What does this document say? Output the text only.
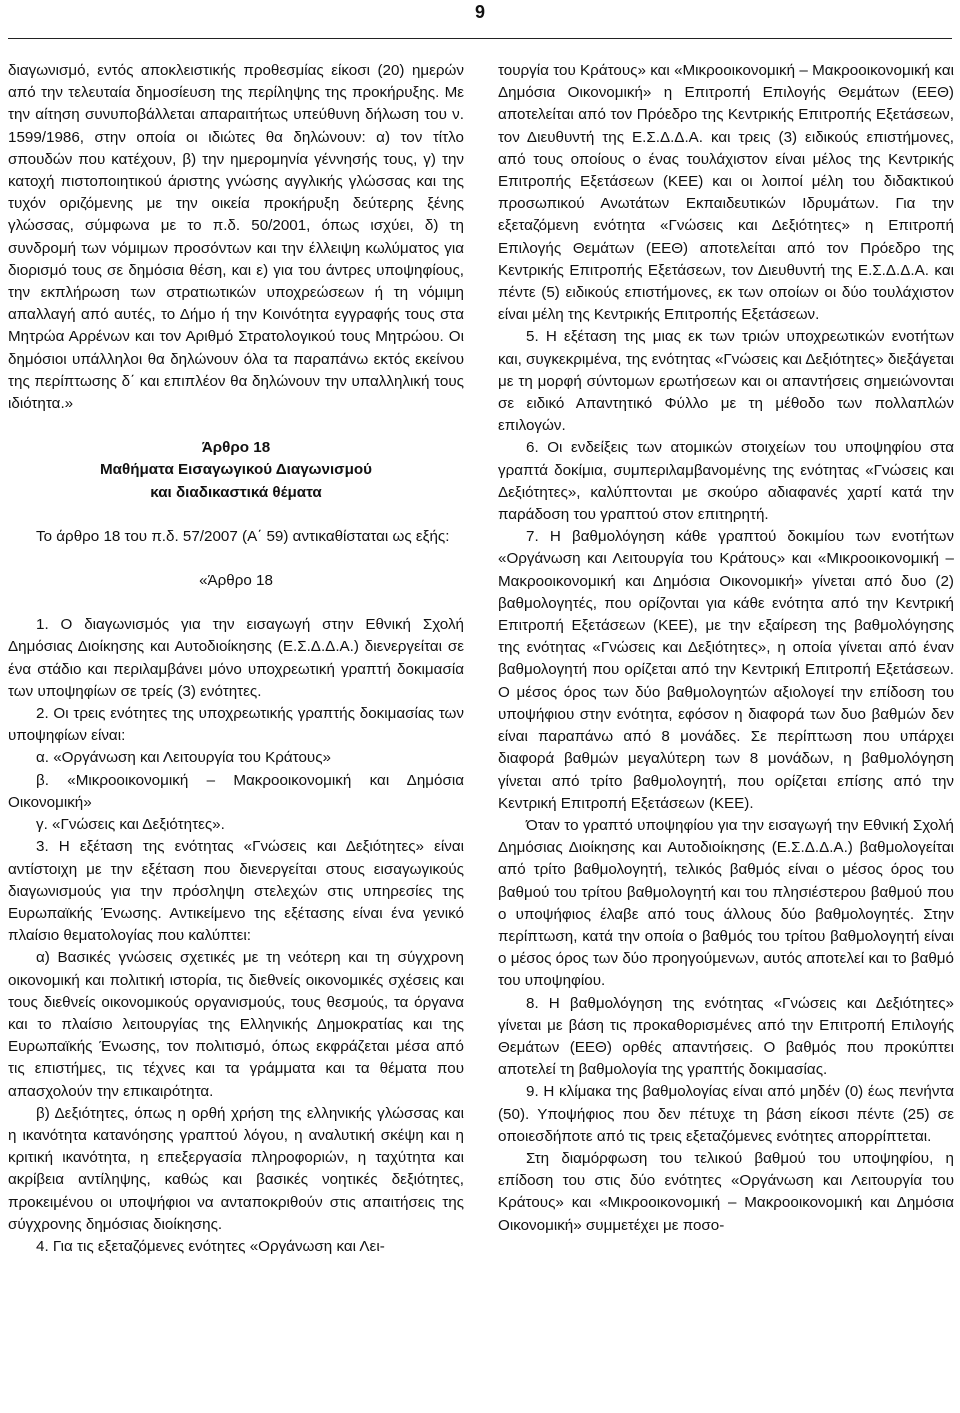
9

διαγωνισμό, εντός αποκλειστικής προθεσμίας είκοσι (20) ημερών από την τελευταία δημοσίευση της περίληψης της προκήρυξης. Με την αίτηση συνυποβάλλεται απαραιτήτως υπεύθυνη δήλωση του ν. 1599/1986, στην οποία οι ιδιώτες θα δηλώνουν: α) τον τίτλο σπουδών που κατέχουν, β) την ημερομηνία γέννησής τους, γ) την κατοχή πιστοποιητικού άριστης γνώσης αγγλικής γλώσσας και της τυχόν οριζόμενης με την οικεία προκήρυξη δεύτερης ξένης γλώσσας, σύμφωνα με το π.δ. 50/2001, όπως ισχύει, δ) τη συνδρομή των νόμιμων προσόντων και την έλλειψη κωλύματος για διορισμό τους σε δημόσια θέση, και ε) για του άντρες υποψηφίους, την εκπλήρωση των στρατιωτικών υποχρεώσεων ή τη νόμιμη απαλλαγή από αυτές, το Δήμο ή την Κοινότητα εγγραφής τους στα Μητρώα Αρρένων και τον Αριθμό Στρατολογικού τους Μητρώου. Οι δημόσιοι υπάλληλοι θα δηλώνουν όλα τα παραπάνω εκτός εκείνου της περίπτωσης δ΄ και επιπλέον θα δηλώνουν την υπαλληλική τους ιδιότητα.»

Άρθρο 18

Μαθήματα Εισαγωγικού Διαγωνισμού

και διαδικαστικά θέματα

Το άρθρο 18 του π.δ. 57/2007 (Α΄ 59) αντικαθίσταται ως εξής:

«Άρθρο 18

1. Ο διαγωνισμός για την εισαγωγή στην Εθνική Σχολή Δημόσιας Διοίκησης και Αυτοδιοίκησης (Ε.Σ.Δ.Δ.Α.) διενεργείται σε ένα στάδιο και περιλαμβάνει μόνο υποχρεωτική γραπτή δοκιμασία των υποψηφίων σε τρείς (3) ενότητες.

2. Οι τρεις ενότητες της υποχρεωτικής γραπτής δοκιμασίας των υποψηφίων είναι:

α. «Οργάνωση και Λειτουργία του Κράτους»

β. «Μικροοικονομική – Μακροοικονομική και Δημόσια Οικονομική»

γ. «Γνώσεις και Δεξιότητες».

3. Η εξέταση της ενότητας «Γνώσεις και Δεξιότητες» είναι αντίστοιχη με την εξέταση που διενεργείται στους εισαγωγικούς διαγωνισμούς για την πρόσληψη στελεχών στις υπηρεσίες της Ευρωπαϊκής Ένωσης. Αντικείμενο της εξέτασης είναι ένα γενικό πλαίσιο θεματολογίας που καλύπτει:

α) Βασικές γνώσεις σχετικές με τη νεότερη και τη σύγχρονη οικονομική και πολιτική ιστορία, τις διεθνείς οικονομικές σχέσεις και τους διεθνείς οικονομικούς οργανισμούς, τους θεσμούς, τα όργανα και το πλαίσιο λειτουργίας της Ελληνικής Δημοκρατίας και της Ευρωπαϊκής Ένωσης, τον πολιτισμό, όπως εκφράζεται μέσα από τις επιστήμες, τις τέχνες και τα γράμματα και τα θέματα που απασχολούν την επικαιρότητα.

β) Δεξιότητες, όπως η ορθή χρήση της ελληνικής γλώσσας και η ικανότητα κατανόησης γραπτού λόγου, η αναλυτική σκέψη και η κριτική ικανότητα, η επεξεργασία πληροφοριών, η ταχύτητα και ακρίβεια αντίληψης, καθώς και βασικές νοητικές δεξιότητες, προκειμένου οι υποψήφιοι να ανταποκριθούν στις απαιτήσεις της σύγχρονης δημόσιας διοίκησης.

4. Για τις εξεταζόμενες ενότητες «Οργάνωση και Λει-

τουργία του Κράτους» και «Μικροοικονομική – Μακροοικονομική και Δημόσια Οικονομική» η Επιτροπή Επιλογής Θεμάτων (ΕΕΘ) αποτελείται από τον Πρόεδρο της Κεντρικής Επιτροπής Εξετάσεων, τον Διευθυντή της Ε.Σ.Δ.Δ.Α. και τρεις (3) ειδικούς επιστήμονες, από τους οποίους ο ένας τουλάχιστον είναι μέλος της Κεντρικής Επιτροπής Εξετάσεων (ΚΕΕ) και οι λοιποί μέλη του διδακτικού προσωπικού Ανωτάτων Εκπαιδευτικών Ιδρυμάτων. Για την εξεταζόμενη ενότητα «Γνώσεις και Δεξιότητες» η Επιτροπή Επιλογής Θεμάτων (ΕΕΘ) αποτελείται από τον Πρόεδρο της Κεντρικής Επιτροπής Εξετάσεων, τον Διευθυντή της Ε.Σ.Δ.Δ.Α. και πέντε (5) ειδικούς επιστήμονες, εκ των οποίων οι δύο τουλάχιστον είναι μέλη της Κεντρικής Επιτροπής Εξετάσεων.

5. Η εξέταση της μιας εκ των τριών υποχρεωτικών ενοτήτων και, συγκεκριμένα, της ενότητας «Γνώσεις και Δεξιότητες» διεξάγεται με τη μορφή σύντομων ερωτήσεων και οι απαντήσεις σημειώνονται σε ειδικό Απαντητικό Φύλλο με τη μέθοδο των πολλαπλών επιλογών.

6. Οι ενδείξεις των ατομικών στοιχείων του υποψηφίου στα γραπτά δοκίμια, συμπεριλαμβανομένης της ενότητας «Γνώσεις και Δεξιότητες», καλύπτονται με σκούρο αδιαφανές χαρτί κατά την παράδοση του γραπτού στον επιτηρητή.

7. Η βαθμολόγηση κάθε γραπτού δοκιμίου των ενοτήτων «Οργάνωση και Λειτουργία του Κράτους» και «Μικροοικονομική – Μακροοικονομική και Δημόσια Οικονομική» γίνεται από δυο (2) βαθμολογητές, που ορίζονται για κάθε ενότητα από την Κεντρική Επιτροπή Εξετάσεων (ΚΕΕ), με την εξαίρεση της βαθμολόγησης της ενότητας «Γνώσεις και Δεξιότητες», η οποία γίνεται από έναν βαθμολογητή που ορίζεται από την Κεντρική Επιτροπή Εξετάσεων. Ο μέσος όρος των δύο βαθμολογητών αξιολογεί την επίδοση του υποψήφιου στην ενότητα, εφόσον η διαφορά των δυο βαθμών δεν είναι παραπάνω από 8 μονάδες. Σε περίπτωση που υπάρχει διαφορά βαθμών μεγαλύτερη των 8 μονάδων, η βαθμολόγηση γίνεται από τρίτο βαθμολογητή, που ορίζεται επίσης από την Κεντρική Επιτροπή Εξετάσεων (ΚΕΕ).

Όταν το γραπτό υποψηφίου για την εισαγωγή την Εθνική Σχολή Δημόσιας Διοίκησης και Αυτοδιοίκησης (Ε.Σ.Δ.Δ.Α.) βαθμολογείται από τρίτο βαθμολογητή, τελικός βαθμός είναι ο μέσος όρος του βαθμού του τρίτου βαθμολογητή και του πλησιέστερου βαθμού που ο υποψήφιος έλαβε από τους άλλους δύο βαθμολογητές. Στην περίπτωση, κατά την οποία ο βαθμός του τρίτου βαθμολογητή είναι ο μέσος όρος των δύο προηγούμενων, αυτός αποτελεί και το βαθμό του υποψηφίου.

8. Η βαθμολόγηση της ενότητας «Γνώσεις και Δεξιότητες» γίνεται με βάση τις προκαθορισμένες από την Επιτροπή Επιλογής Θεμάτων (ΕΕΘ) ορθές απαντήσεις. Ο βαθμός που προκύπτει αποτελεί τη βαθμολογία της γραπτής δοκιμασίας.

9. Η κλίμακα της βαθμολογίας είναι από μηδέν (0) έως πενήντα (50). Υποψήφιος που δεν πέτυχε τη βάση είκοσι πέντε (25) σε οποιεσδήποτε από τις τρεις εξεταζόμενες ενότητες απορρίπτεται.

Στη διαμόρφωση του τελικού βαθμού του υποψηφίου, η επίδοση του στις δύο ενότητες «Οργάνωση και Λειτουργία του Κράτους» και «Μικροοικονομική – Μακροοικονομική και Δημόσια Οικονομική» συμμετέχει με ποσο-
